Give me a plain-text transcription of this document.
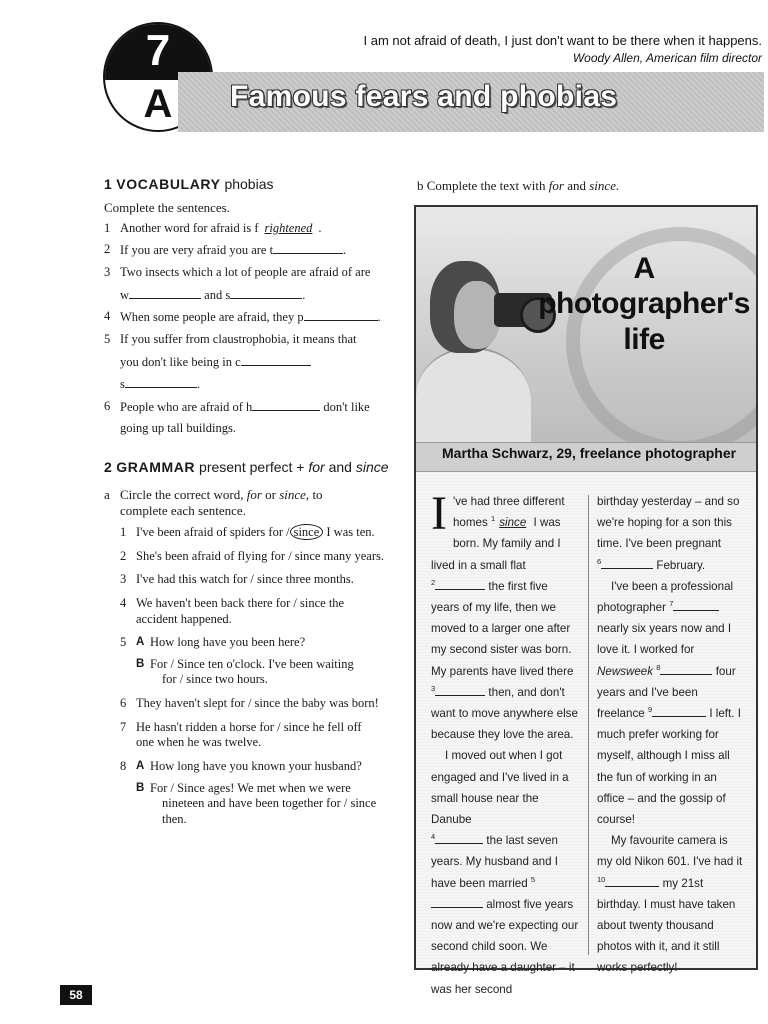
7
A	Famous fears and phobias
I am not afraid of death, I just don't want to be there when it happens.
Woody Allen, American film director
1 VOCABULARY phobias
Complete the sentences.
1 Another word for afraid is f rightened .
2 If you are very afraid you are t	.
3 Two insects which a lot of people are afraid of are
w	and s	.
4 When some people are afraid, they p	.
5 If you suffer from claustrophobia, it means that
you don't like being in c
s	.
6 People who are afraid of h	don't like
going up tall buildings.
2 GRAMMAR present perfect + for and since
a Circle the correct word, for or since, to
complete each sentence.
1 I've been afraid of spiders for / since I was ten.
2 She's been afraid of flying for / since many years.
3 I've had this watch for / since three months.
4 We haven't been back there for / since the
accident happened.
5 A How long have you been here?
B For / Since ten o'clock. I've been waiting
for / since two hours.
6 They haven't slept for / since the baby was born!
7 He hasn't ridden a horse for / since he fell off
one when he was twelve.
8 A How long have you known your husband?
B For / Since ages! We met when we were
nineteen and have been together for / since
then.
b Complete the text with for and since.
A
photographer's
life
Martha Schwarz, 29, freelance photographer
I 've had three different homes $^1$ since I was born. My family and I lived in a small flat
$^2$	the first five years of my life, then we moved to a larger one after my second sister was born. My parents have lived there $^3$	then, and don't want to move anywhere else because they love the area.
I moved out when I got engaged and I've lived in a small house near the Danube
$^4$	the last seven years. My husband and I have been married $^5$ almost five years now and we're expecting our second child soon. We already have a daughter – it was her second
birthday yesterday – and so we're hoping for a son this time. I've been pregnant
$^6$	February.
I've been a professional photographer $^7$ nearly six years now and I love it. I worked for Newsweek $^8$	four years and I've been freelance $^9$	I left. I much prefer working for myself, although I miss all the fun of working in an office – and the gossip of course!
My favourite camera is my old Nikon 601. I've had it $^{10}$	my 21st birthday. I must have taken about twenty thousand photos with it, and it still works perfectly!
58
